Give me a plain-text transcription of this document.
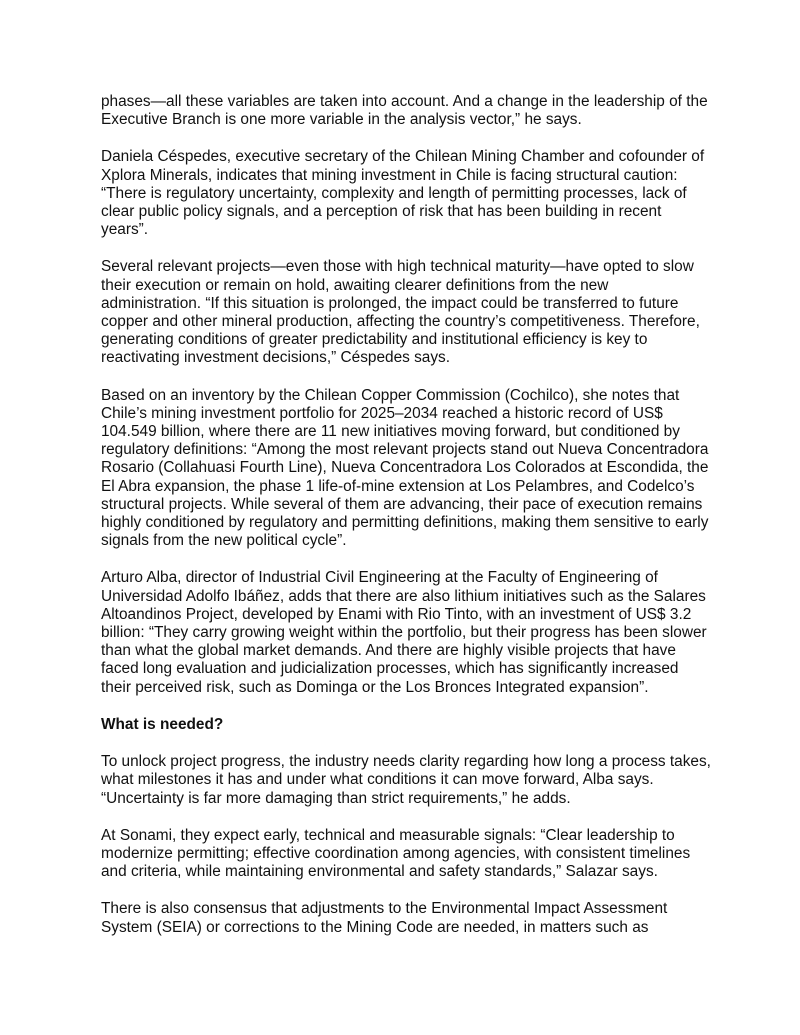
phases—all these variables are taken into account. And a change in the leadership of the Executive Branch is one more variable in the analysis vector,” he says.

Daniela Céspedes, executive secretary of the Chilean Mining Chamber and cofounder of Xplora Minerals, indicates that mining investment in Chile is facing structural caution: “There is regulatory uncertainty, complexity and length of permitting processes, lack of clear public policy signals, and a perception of risk that has been building in recent years”.

Several relevant projects—even those with high technical maturity—have opted to slow their execution or remain on hold, awaiting clearer definitions from the new administration. “If this situation is prolonged, the impact could be transferred to future copper and other mineral production, affecting the country’s competitiveness. Therefore, generating conditions of greater predictability and institutional efficiency is key to reactivating investment decisions,” Céspedes says.

Based on an inventory by the Chilean Copper Commission (Cochilco), she notes that Chile’s mining investment portfolio for 2025–2034 reached a historic record of US$ 104.549 billion, where there are 11 new initiatives moving forward, but conditioned by regulatory definitions: “Among the most relevant projects stand out Nueva Concentradora Rosario (Collahuasi Fourth Line), Nueva Concentradora Los Colorados at Escondida, the El Abra expansion, the phase 1 life-of-mine extension at Los Pelambres, and Codelco’s structural projects. While several of them are advancing, their pace of execution remains highly conditioned by regulatory and permitting definitions, making them sensitive to early signals from the new political cycle”.

Arturo Alba, director of Industrial Civil Engineering at the Faculty of Engineering of Universidad Adolfo Ibáñez, adds that there are also lithium initiatives such as the Salares Altoandinos Project, developed by Enami with Rio Tinto, with an investment of US$ 3.2 billion: “They carry growing weight within the portfolio, but their progress has been slower than what the global market demands. And there are highly visible projects that have faced long evaluation and judicialization processes, which has significantly increased their perceived risk, such as Dominga or the Los Bronces Integrated expansion”.

What is needed?

To unlock project progress, the industry needs clarity regarding how long a process takes, what milestones it has and under what conditions it can move forward, Alba says. “Uncertainty is far more damaging than strict requirements,” he adds.

At Sonami, they expect early, technical and measurable signals: “Clear leadership to modernize permitting; effective coordination among agencies, with consistent timelines and criteria, while maintaining environmental and safety standards,” Salazar says.

There is also consensus that adjustments to the Environmental Impact Assessment System (SEIA) or corrections to the Mining Code are needed, in matters such as
